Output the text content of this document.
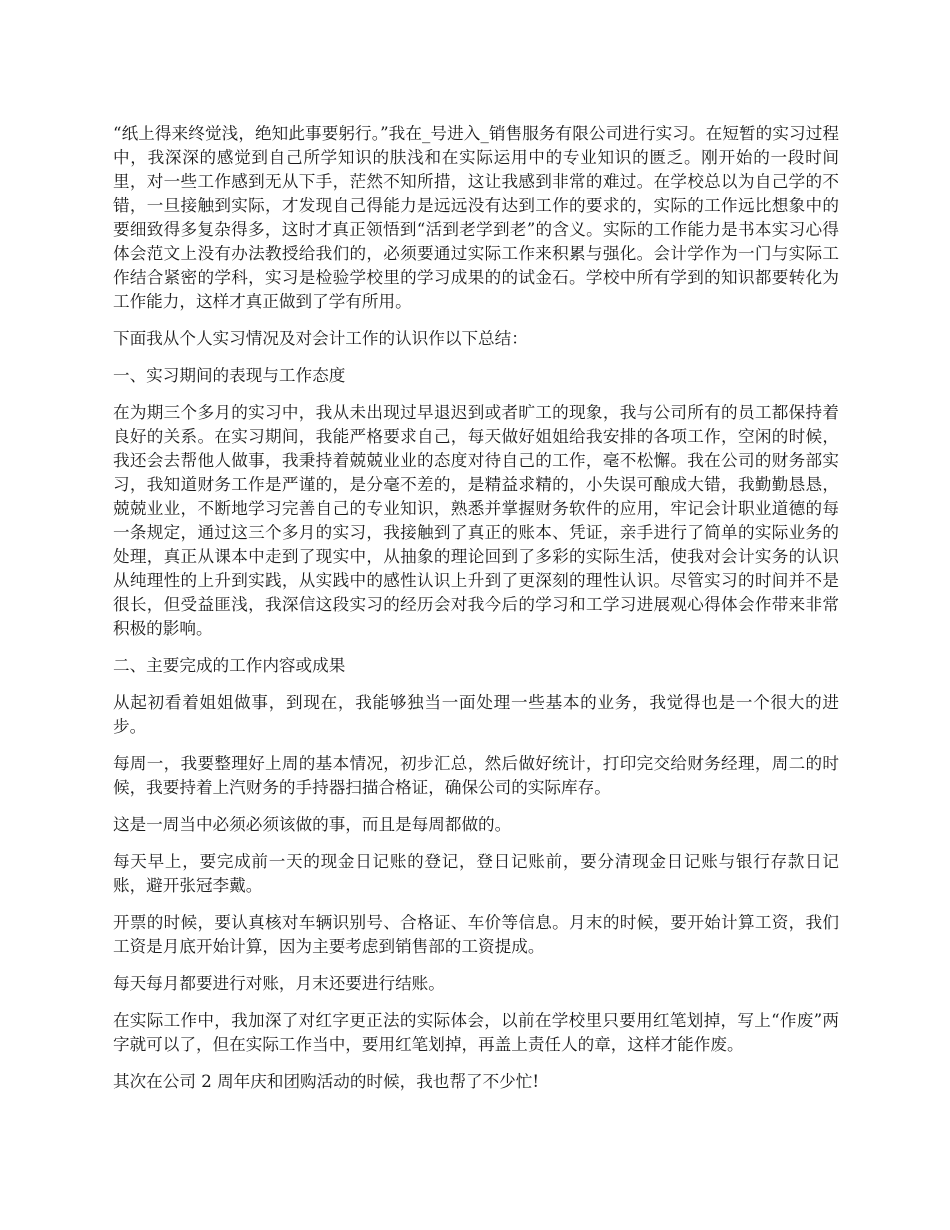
“纸上得来终觉浅，绝知此事要躬行。”我在_号进入_销售服务有限公司进行实习。在短暂的实习过程中，我深深的感觉到自己所学知识的肤浅和在实际运用中的专业知识的匮乏。刚开始的一段时间里，对一些工作感到无从下手，茫然不知所措，这让我感到非常的难过。在学校总以为自己学的不错，一旦接触到实际，才发现自己得能力是远远没有达到工作的要求的，实际的工作远比想象中的要细致得多复杂得多，这时才真正领悟到“活到老学到老”的含义。实际的工作能力是书本实习心得体会范文上没有办法教授给我们的，必须要通过实际工作来积累与强化。会计学作为一门与实际工作结合紧密的学科，实习是检验学校里的学习成果的的试金石。学校中所有学到的知识都要转化为工作能力，这样才真正做到了学有所用。

下面我从个人实习情况及对会计工作的认识作以下总结：

一、实习期间的表现与工作态度

在为期三个多月的实习中，我从未出现过早退迟到或者旷工的现象，我与公司所有的员工都保持着良好的关系。在实习期间，我能严格要求自己，每天做好姐姐给我安排的各项工作，空闲的时候，我还会去帮他人做事，我秉持着兢兢业业的态度对待自己的工作，毫不松懈。我在公司的财务部实习，我知道财务工作是严谨的，是分毫不差的，是精益求精的，小失误可酿成大错，我勤勤恳恳，兢兢业业，不断地学习完善自己的专业知识，熟悉并掌握财务软件的应用，牢记会计职业道德的每一条规定，通过这三个多月的实习，我接触到了真正的账本、凭证，亲手进行了简单的实际业务的处理，真正从课本中走到了现实中，从抽象的理论回到了多彩的实际生活，使我对会计实务的认识从纯理性的上升到实践，从实践中的感性认识上升到了更深刻的理性认识。尽管实习的时间并不是很长，但受益匪浅，我深信这段实习的经历会对我今后的学习和工学习进展观心得体会作带来非常积极的影响。

二、主要完成的工作内容或成果

从起初看着姐姐做事，到现在，我能够独当一面处理一些基本的业务，我觉得也是一个很大的进步。

每周一，我要整理好上周的基本情况，初步汇总，然后做好统计，打印完交给财务经理，周二的时候，我要持着上汽财务的手持器扫描合格证，确保公司的实际库存。

这是一周当中必须必须该做的事，而且是每周都做的。

每天早上，要完成前一天的现金日记账的登记，登日记账前，要分清现金日记账与银行存款日记账，避开张冠李戴。

开票的时候，要认真核对车辆识别号、合格证、车价等信息。月末的时候，要开始计算工资，我们工资是月底开始计算，因为主要考虑到销售部的工资提成。

每天每月都要进行对账，月末还要进行结账。

在实际工作中，我加深了对红字更正法的实际体会，以前在学校里只要用红笔划掉，写上“作废”两字就可以了，但在实际工作当中，要用红笔划掉，再盖上责任人的章，这样才能作废。

其次在公司 2 周年庆和团购活动的时候，我也帮了不少忙!
